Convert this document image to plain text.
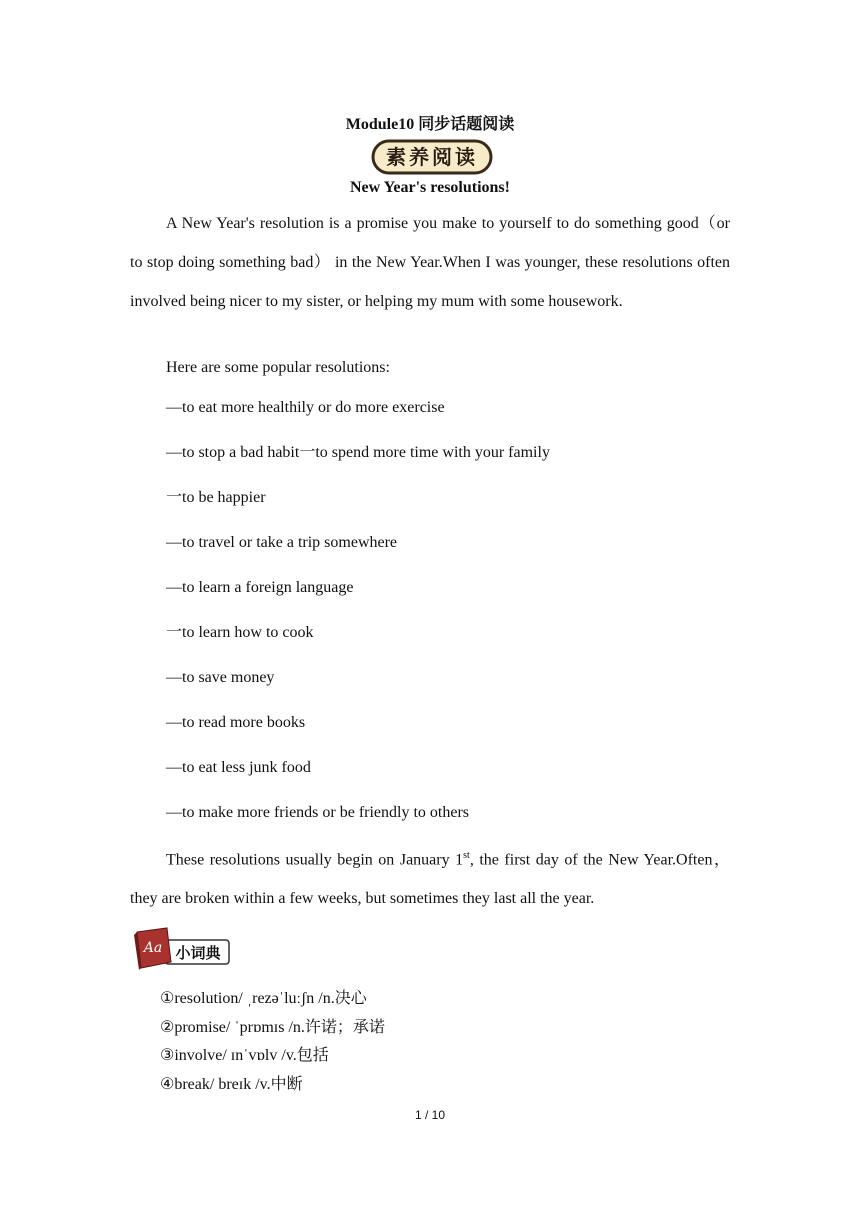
Module10 同步话题阅读
素养阅读
New Year's resolutions!
A New Year's resolution is a promise you make to yourself to do something good（or to stop doing something bad） in the New Year.When I was younger, these resolutions often involved being nicer to my sister, or helping my mum with some housework.
Here are some popular resolutions:
—to eat more healthily or do more exercise
—to stop a bad habit一to spend more time with your family
一to be happier
—to travel or take a trip somewhere
—to learn a foreign language
一to learn how to cook
—to save money
—to read more books
—to eat less junk food
—to make more friends or be friendly to others
These resolutions usually begin on January 1st, the first day of the New Year.Often，they are broken within a few weeks, but sometimes they last all the year.
小词典
Aa
①resolution/ ˌrezəˈluːʃn /n.决心
②promise/ ˈprɒmɪs /n.许诺；承诺
③involve/ ɪnˈvɒlv /v.包括
④break/ breɪk /v.中断
1 / 10
